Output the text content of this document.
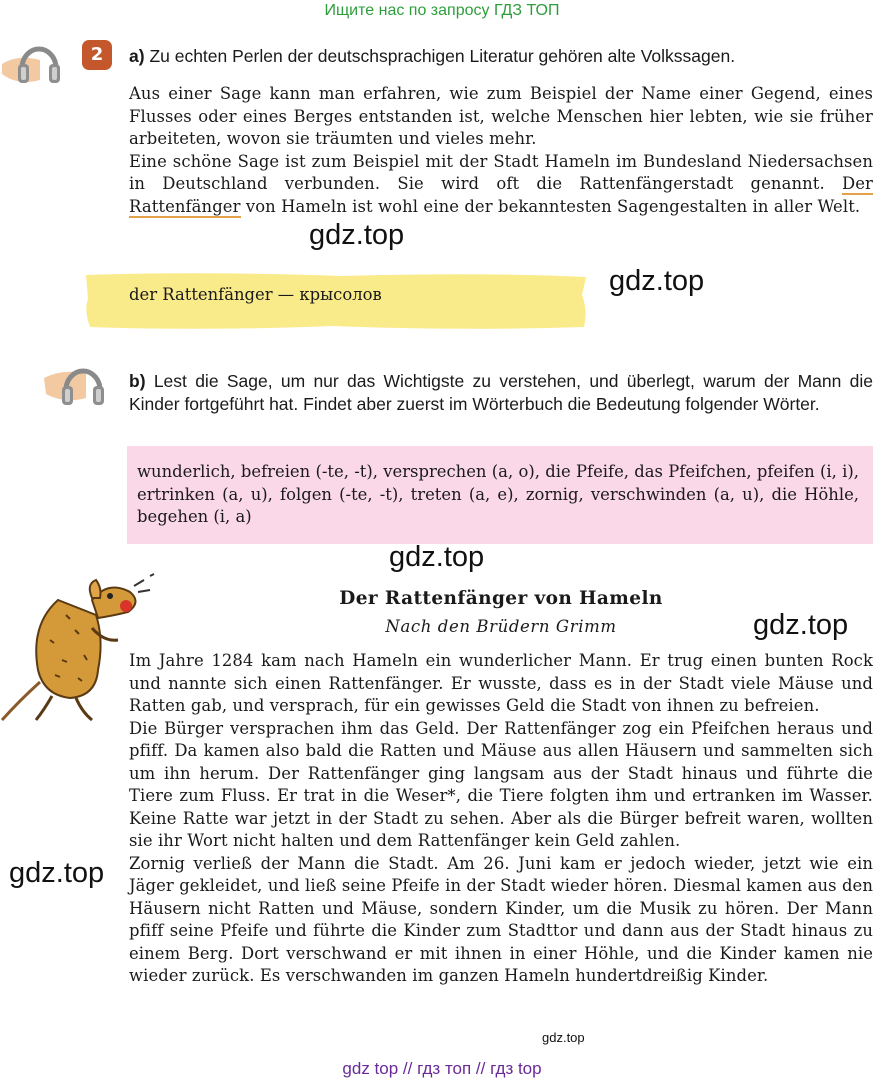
Ищите нас по запросу ГДЗ ТОП
2	a) Zu echten Perlen der deutschsprachigen Literatur gehören alte Volkssagen.

Aus einer Sage kann man erfahren, wie zum Beispiel der Name einer Gegend, eines Flusses oder eines Berges entstanden ist, welche Menschen hier lebten, wie sie früher arbeiteten, wovon sie träumten und vieles mehr.

Eine schöne Sage ist zum Beispiel mit der Stadt Hameln im Bundesland Niedersachsen in Deutschland verbunden. Sie wird oft die Rattenfängerstadt genannt. Der Rattenfänger von Hameln ist wohl eine der bekanntesten Sagengestalten in aller Welt.

gdz.top
gdz.top
der Rattenfänger — крысолов
b) Lest die Sage, um nur das Wichtigste zu verstehen, und überlegt, warum der Mann die Kinder fortgeführt hat. Findet aber zuerst im Wörterbuch die Bedeutung folgender Wörter.
wunderlich, befreien (-te, -t), versprechen (a, o), die Pfeife, das Pfeifchen, pfeifen (i, i), ertrinken (a, u), folgen (-te, -t), treten (a, e), zornig, verschwinden (a, u), die Höhle, begehen (i, a)
gdz.top
Der Rattenfänger von Hameln
Nach den Brüdern Grimm	gdz.top

Im Jahre 1284 kam nach Hameln ein wunderlicher Mann. Er trug einen bunten Rock und nannte sich einen Rattenfänger. Er wusste, dass es in der Stadt viele Mäuse und Ratten gab, und versprach, für ein gewisses Geld die Stadt von ihnen zu befreien.

Die Bürger versprachen ihm das Geld. Der Rattenfänger zog ein Pfeifchen heraus und pfiff. Da kamen also bald die Ratten und Mäuse aus allen Häusern und sammelten sich um ihn herum. Der Rattenfänger ging langsam aus der Stadt hinaus und führte die Tiere zum Fluss. Er trat in die Weser*, die Tiere folgten ihm und ertranken im Wasser. Keine Ratte war jetzt in der Stadt zu sehen. Aber als die Bürger befreit waren, wollten sie ihr Wort nicht halten und dem Rattenfänger kein Geld zahlen.

Zornig verließ der Mann die Stadt. Am 26. Juni kam er jedoch wieder, jetzt wie ein Jäger gekleidet, und ließ seine Pfeife in der Stadt wieder hören. Diesmal kamen aus den Häusern nicht Ratten und Mäuse, sondern Kinder, um die Musik zu hören. Der Mann pfiff seine Pfeife und führte die Kinder zum Stadttor und dann aus der Stadt hinaus zu einem Berg. Dort verschwand er mit ihnen in einer Höhle, und die Kinder kamen nie wieder zurück. Es verschwanden im ganzen Hameln hundertdreißig Kinder.

gdz.top
gdz.top
gdz top // гдз топ // гдз top
